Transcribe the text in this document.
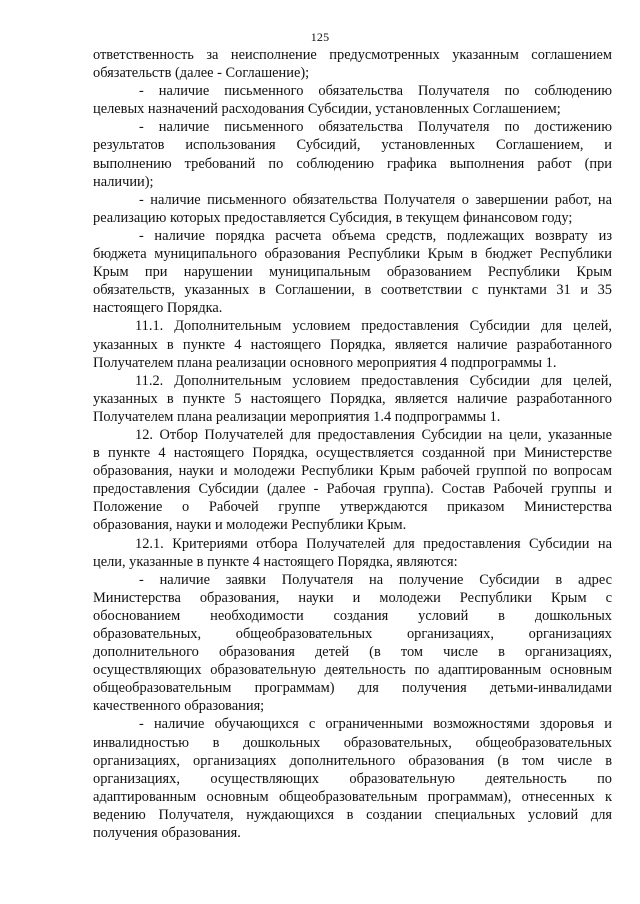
125
ответственность за неисполнение предусмотренных указанным соглашением
обязательств (далее - Соглашение);
- наличие письменного обязательства Получателя по соблюдению
целевых назначений расходования Субсидии, установленных Соглашением;
- наличие письменного обязательства Получателя по достижению
результатов использования Субсидий, установленных Соглашением, и
выполнению требований по соблюдению графика выполнения работ (при
наличии);
- наличие письменного обязательства Получателя о завершении работ, на
реализацию которых предоставляется Субсидия, в текущем финансовом году;
- наличие порядка расчета объема средств, подлежащих возврату из
бюджета муниципального образования Республики Крым в бюджет Республики
Крым при нарушении муниципальным образованием Республики Крым
обязательств, указанных в Соглашении, в соответствии с пунктами 31 и 35
настоящего Порядка.
11.1. Дополнительным условием предоставления Субсидии для целей,
указанных в пункте 4 настоящего Порядка, является наличие разработанного
Получателем плана реализации основного мероприятия 4 подпрограммы 1.
11.2. Дополнительным условием предоставления Субсидии для целей,
указанных в пункте 5 настоящего Порядка, является наличие разработанного
Получателем плана реализации мероприятия 1.4 подпрограммы 1.
12. Отбор Получателей для предоставления Субсидии на цели, указанные
в пункте 4 настоящего Порядка, осуществляется созданной при Министерстве
образования, науки и молодежи Республики Крым рабочей группой по вопросам
предоставления Субсидии (далее - Рабочая группа). Состав Рабочей группы и
Положение о Рабочей группе утверждаются приказом Министерства
образования, науки и молодежи Республики Крым.
12.1. Критериями отбора Получателей для предоставления Субсидии на
цели, указанные в пункте 4 настоящего Порядка, являются:
- наличие заявки Получателя на получение Субсидии в адрес
Министерства образования, науки и молодежи Республики Крым с
обоснованием необходимости создания условий в дошкольных
образовательных, общеобразовательных организациях, организациях
дополнительного образования детей (в том числе в организациях,
осуществляющих образовательную деятельность по адаптированным основным
общеобразовательным программам) для получения детьми-инвалидами
качественного образования;
- наличие обучающихся с ограниченными возможностями здоровья и
инвалидностью в дошкольных образовательных, общеобразовательных
организациях, организациях дополнительного образования (в том числе в
организациях, осуществляющих образовательную деятельность по
адаптированным основным общеобразовательным программам), отнесенных к
ведению Получателя, нуждающихся в создании специальных условий для
получения образования.
